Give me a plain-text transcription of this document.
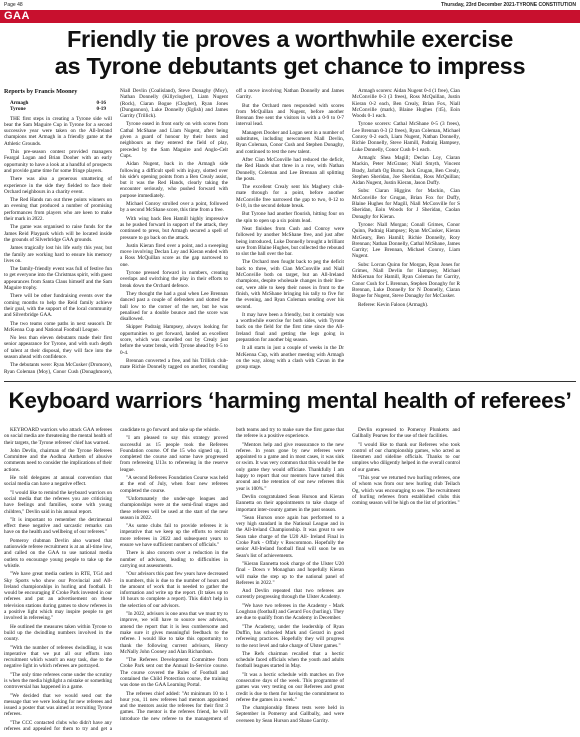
Page 48	Thursday, 23rd December 2021-TYRONE CONSTITUTION
GAA
Friendly tie proves a worthwhile exercise
as Tyrone debutants get chance to impress
Reports by Francis Mooney
Armagh	0-16
Tyrone	0-19

THE first steps in creating a Tyrone side will bear the Sam Maguire Cup in Tyrone for a second successive year were taken on the All-Ireland champions met Armagh in a friendly game at the Athletic Grounds.

This pre-season contest provided managers Feargal Logan and Brian Dooher with an early opportunity to have a look at a handful of prospects and provide game time for some fringe players.

There was also a generous smattering of experience in the side they fielded to face their Orchard neighbours in a charity event.

The Red Hands ran out three points winners on an evening that produced a number of promising performances from players who are keen to make their mark in 2022.

The game was organised to raise funds for the James Reid Playpark which will be located inside the grounds of Silverbridge GAA grounds.

James tragically lost his life early this year, but the family are working hard to ensure his memory lives on.

The family-friendly event was full of festive fun to get everyone into the Christmas spirit, with guest appearances from Santa Claus himself and the Sam Maguire trophy.

There will be other fundraising events over the coming months to help the Reid family achieve their goal, with the support of the local community and Silverbridge GAA.

The two teams come paths in next season's Dr McKenna Cup and National Football League.

No less than eleven debutants made their first senior appearance for Tyrone, and with such depth of talent at their disposal, they will face into the season ahead with confidence.

The debutants were: Ryan McCusker (Dromore), Ryan Coleman (Moy), Conor Cush (Donaghmore), Niall Devlin (Coalisland), Steve Donaghy (Moy), Nathan Donnelly (Killyclogher), Liam Nugent (Rock), Ciaran Bogue (Clogher), Ryan Jones (Dungannon), Luke Donnelly (Eglish) and James Garrity (Trillick).

Tyrone eased in front early on with scores from Cathal McShane and Liam Nugent, after being given a guard of honour by their hosts and neighbours as they entered the field of play, preceded by the Sam Maguire and Anglo-Celt Cups.

Aidan Nugent, back in the Armagh side following a difficult spell with injury, slotted over his side's opening points from a Ben Crealy assist, but it was the Red Hands, clearly taking the encounter seriously, who pushed forward with purpose immediately.

Michael Conroy strolled over a point, followed by a second McShane score, this time from a free.

With wing back Ben Hamill highly impressive as he pushed forward in support of the attack, they continued to press, but Armagh secured a spell of pressure to go back on the attack.

Justin Kieran fired over a point, and a sweeping move involving Declan Loy and Kieran ended with a Ross McQuillan score as the gap narrowed to one.

Tyrone pressed forward in numbers, creating overlaps and switching the play in their efforts to break down the Orchard defence.

They thought the had a goal when Lee Brennan danced past a couple of defenders and slotted the ball low to the corner of the net, but he was penalised for a double bounce and the score was disallowed.

Skipper Padraig Hampsey, always looking for opportunities to get forward, landed an excellent score, which was cancelled out by Crealy just before the water break, with Tyrone ahead by 0-5 to 0-4.

Brennan converted a free, and his Trillick club-mate Richie Donnelly tagged on another, rounding off a move involving Nathan Donnelly and James Garrity.

But the Orchard men responded with scores from McQuillan and Nugent, before another Brennan free sent the visitors in with a 0-9 to 0-7 interval lead.

Managers Dooher and Logan sent in a number of substitutes, including newcomers Niall Devlin, Ryan Coleman, Conor Cush and Stephen Donaghy, and continued to test the new talent.

After Cian McConville had reduced the deficit, the Red Hands shot three in a row, with Nathan Donnelly, Coleman and Lee Brennan all splitting the posts.

The excellent Crealy sent his Maghery club-mate through for a point, before another McConville free narrowed the gap to two, 0-12 to 0-10, in the second debate break.

But Tyrone had another flourish, hitting four on the spin to open up a six points lead.

Neat finishes from Cush and Conroy were followed by another McShane free, and just after being introduced, Luke Donnelly brought a brilliant save from Blaine Hughes, but collected the rebound to slot the ball over the bar.

The Orchard men fought back to peg the deficit back to three, with Cian McConville and Niall McConville both on target, but an All-Ireland champions, despite wholesale changes in their line-out, were able to keep their noses in front to the finish, with McShane bringing his tally to five for the evening, and Ryan Coleman sending over his second.

It may have been a friendly, but it certainly was a worthwhile exercise for both sides, with Tyrone back on the field for the first time since the All-Ireland final and getting the legs going in preparation for another big season.

It all starts in just a couple of weeks in the Dr McKenna Cup, with another meeting with Armagh on the way, along with a clash with Cavan in the group stage.

Armagh scorers: Aidan Nugent 0-4 (1 free), Cian McConville 0-3 (3 frees), Ross McQuillan, Justin Kieran 0-2 each, Ben Crealy, Brian Fox, Niall McConville (mark), Blaine Hughes ('45), Eoin Woods 0-1 each.

Tyrone scorers: Cathal McShane 0-5 (3 frees), Lee Brennan 0-3 (2 frees), Ryan Coleman, Michael Conroy 0-2 each, Liam Nugent, Nathan Donnelly, Richie Donnelly, Steve Hamill, Padraig Hampsey, Luke Donnelly, Conor Cush 0-1 each.

Armagh: Shea Magill; Declan Loy, Ciaran Mackin, Peter McGrane; Niall Smyth, Vincent Brady, Jarlath Og Burns; Jack Grugan, Ben Crealy, Stephen Sheridan, Joe Sheridan, Ross McQuillan; Aidan Nugent, Justin Kieran, Jason Duffy.

Subs: Ciaran Higgins for Mackin, Cian McConville for Grugan, Brian Fox for Duffy, Blaine Hughes for Magill, Niall McConville for S Sheridan, Eoin Woods for J Sheridan, Caolan Donaghy for Kieran.

Tyrone: Niall Morgan; Conall Grimes, Conor Quinn, Padraig Hampsey; Ryan McCusker, Kieran McGeary, Ben Hamill; Richie Donnelly, Rory Brennan; Nathan Donnelly, Cathal McShane, James Garrity; Lee Brennan, Michael Conroy, Liam Nugent.

Subs: Lorcan Quinn for Morgan, Ryan Jones for Grimes, Niall Devlin for Hampsey, Michael McKernan for Hamill, Ryan Coleman for Garrity, Conor Cush for L Brennan, Stephen Donaghy for R Brennan, Luke Donnelly for N Donnelly, Ciaran Bogue for Nugent, Steve Donaghy for McCusker.

Referee: Kevin Faloon (Armagh).

Keyboard warriors ‘harming mental health of referees’

KEYBOARD warriors who attack GAA referees on social media are threatening the mental health of their targets, the Tyrone referees' chief has warned.

John Devlin, chairman of the Tyrone Referees Committee and the Aodhna Anthem of abusive comments need to consider the implications of their actions.

He told delegates at annual convention that social media can have a negative effect.

"I would like to remind the keyboard warriors on social media that the referees you are criticising have feelings and families, some with young children," Devlin said in his annual report.

"It is important to remember the detrimental effect these negative and sarcastic remarks can have on the health and wellbeing of our referees."

Pomeroy clubman Devlin also warned that nationwide referee recruitment is at an all-time low, and called on the GAA to use national media outlets to encourage young people to take up the whistle.

"We have great media outlets in RTE, TG4 and Sky Sports who show our Provincial and All-Ireland championships in hurling and football. It would be encouraging if Croke Park invested in our referees and put an advertisement on these television stations during games to show referees in a positive light which may inspire people to get involved in refereeing."

He outlined the measures taken within Tyrone to build up the dwindling numbers involved in the county.

"With the number of referees dwindling, it was imperative that we put all our efforts into recruitment which wasn't an easy task, due to the negative light in which referees are portrayed.

"The only time referees come under the scrutiny is when the media highlight a mistake or something controversial has happened in a game.

"We decided that we would send out the message that we were looking for new referees and issued a poster that was aimed at recruiting Tyrone referees.

"The CCC contacted clubs who didn't have any referees and appealed for them to try and get a candidate to go forward and take up the whistle.

"I am pleased to say this strategy proved successful as 15 people took the Referees Foundation course. Of the 15 who signed up, 11 completed the course and some have progressed from refereeing U13s to refereeing in the reserve league.

"A second Referees Foundation Course was held at the end of July, when four new referees completed the course.

"Unfortunately the under-age leagues and championships were at the semi-final stages and these referees will be used at the start of the new season in 2022.

"As some clubs fail to provide referees it is imperative that we keep up the efforts to recruit more referees in 2022 and subsequent years to ensure we have sufficient numbers of officials."

There is also concern over a reduction in the number of advisors, leading to difficulties in carrying out assessments.

"Our advisors this past few years have decreased in numbers, this is due to the number of hours and the amount of work that is needed to gather the information and write up the report. (It takes up to 10 hours to complete a report). This didn't help in the selection of our advisors.

"In 2022, advisors is one area that we must try to improve, we will have to source new advisors, amend the report that it is less cumbersome and make sure it gives meaningful feedback to the referee. I would like to take this opportunity to thank the following current advisors, Henry McNally John Cooney and Alan Richardson.

"The Referees Development Committee from Croke Park sent out the Annual In-Service course. The course covered the Rules of Football and contained the Child Protection course, the training was done on the GAA Learning Portal.

The referees chief added: "At minimum 10 to 1 hour you, 11 new referees had mentors appointed and the mentors assist the referees for their first 3 games. The mentor is the referees friend, he will introduce the new referee to the management of both teams and try to make sure the first game that the referee is a positive experience.

"Mentors help and give reassurance to the new referee. In years gone by new referees were appointed to a game and in most cases, it was sink or swim. It was very common that this would be the only game they would officiate. Thankfully I am happy to report that our mentors have turned this around and the retention of our new referees this year is 100%."

Devlin congratulated Sean Hurson and Kieran Eannetta on their appointments to take charge of important inter-county games in the past season.

"Sean Hurson once again has performed to a very high standard in the National League and in the All-Ireland Championship. It was great to see Sean take charge of the U20 All- Ireland Final in Croke Park - Offaly v Roscommon. Hopefully the senior All-Ireland football final will soon be on Sean's list of achievements.

"Kieran Eannetta took charge of the Ulster U20 final - Down v Monaghan and hopefully Kieran will make the step up to the national panel of Referees in 2022."

And Devlin repeated that two referees are currently progressing through the Ulster Academy.

"We have two referees in the Academy - Mark Loughran (football) and Gerard Fox (hurling). They are due to qualify from the Academy in December.

"The Academy, under the leadership of Ryan Duffin, has schooled Mark and Gerard in good refereeing practices. Hopefully they will progress to the next level and take charge of Ulster games."

The Refs chairman recalled that a hectic schedule faced officials when the youth and adults football leagues started in May.

"It was a hectic schedule with matches on five consecutive days of the week. This programme of games was very testing on our Referees and great credit is due to them for having the commitment to referee the games in a week."

The championship fitness tests were held in September in Pomeroy and Gallbally, and were overseen by Sean Hurson and Shane Garrity.

Devlin expressed to Pomeroy Plunketts and Gallbally Pearses for the use of their facilities.

"I would like to thank our Referees who took control of our championship games, who acted as linesmen and sideline officials. Thanks to our umpires who diligently helped in the overall control of our games.

"This year we returned two hurling referees, one of whom was from our new hurling club Teilach Og, which was encouraging to see. The recruitment of hurling referees from established clubs this coming season will be high on the list of priorities."
